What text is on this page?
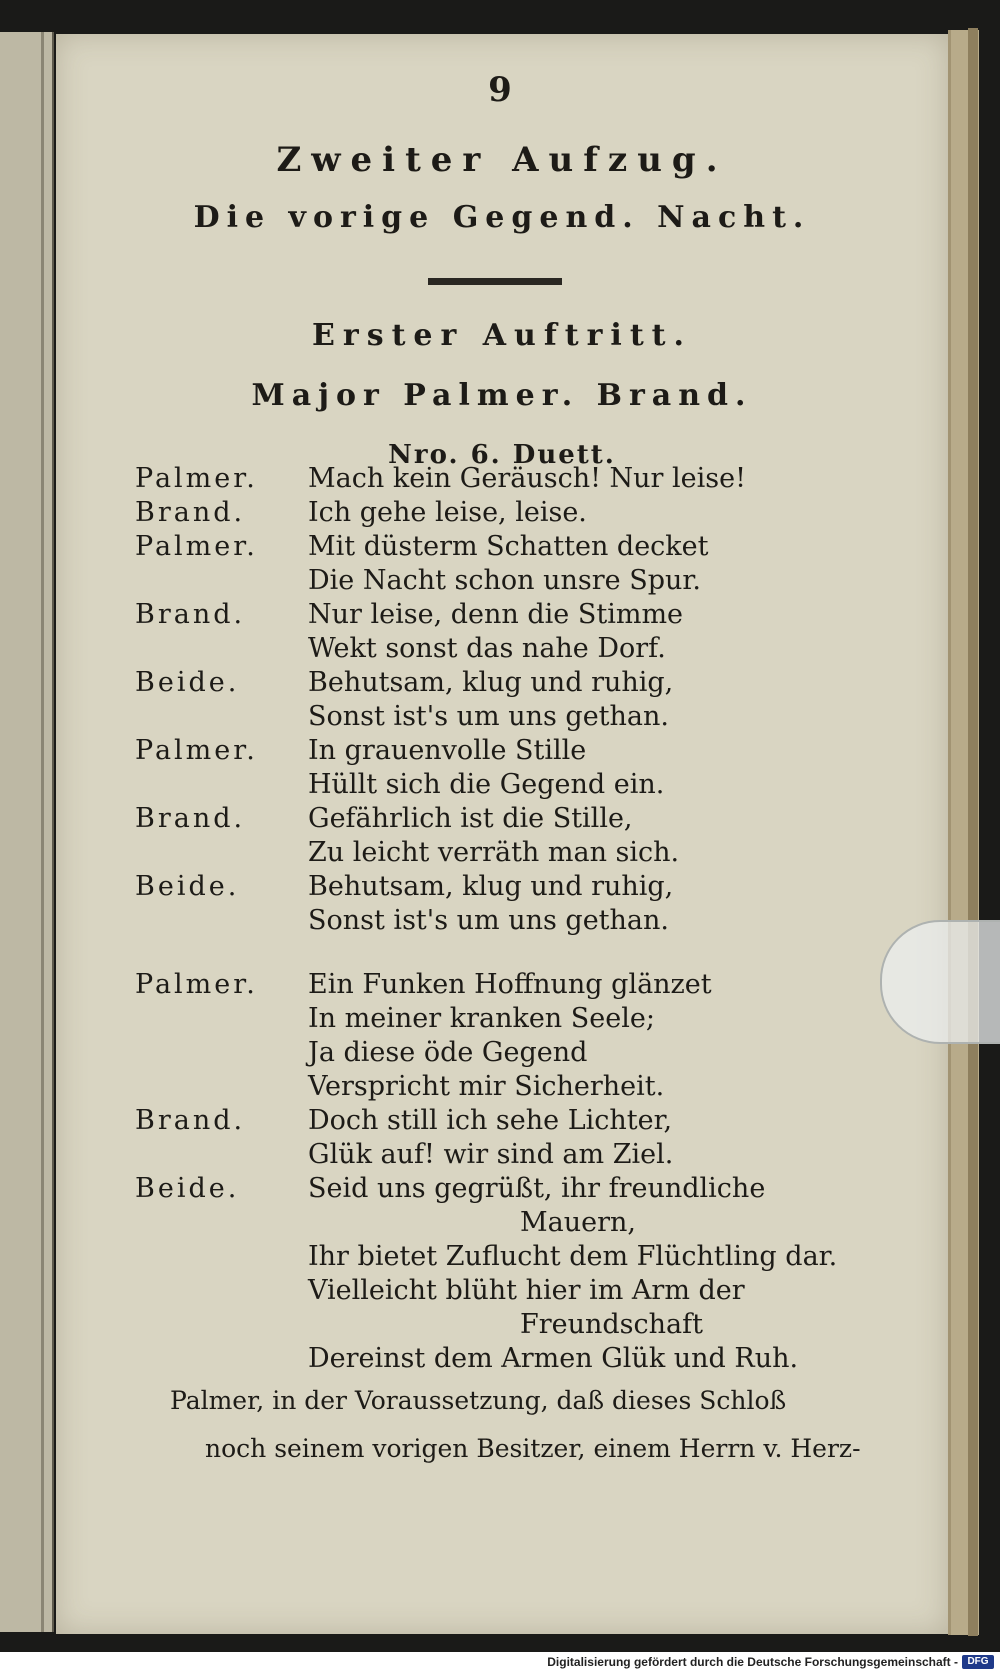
9
Zweiter Aufzug.
Die vorige Gegend. Nacht.
Erster Auftritt.
Major Palmer. Brand.
Nro. 6. Duett.
Palmer. Mach kein Geräusch! Nur leise!
Brand. Ich gehe leise, leise.
Palmer. Mit düsterm Schatten decket
Die Nacht schon unsre Spur.
Brand. Nur leise, denn die Stimme
Wekt sonst das nahe Dorf.
Beide.	Behutsam, klug und ruhig,
Sonst ist's um uns gethan.
Palmer. In grauenvolle Stille
Hüllt sich die Gegend ein.
Brand. Gefährlich ist die Stille,
Zu leicht verräth man sich.
Beide.	Behutsam, klug und ruhig,
Sonst ist's um uns gethan.
Palmer. Ein Funken Hoffnung glänzet
In meiner kranken Seele;
Ja diese öde Gegend
Verspricht mir Sicherheit.
Brand. Doch still ich sehe Lichter,
Glük auf! wir sind am Ziel.
Beide.	Seid uns gegrüßt, ihr freundliche
Mauern,
Ihr bietet Zuflucht dem Flüchtling dar.
Vielleicht blüht hier im Arm der
Freundschaft
Dereinst dem Armen Glük und Ruh.
Palmer, in der Voraussetzung, daß dieses Schloß
noch seinem vorigen Besitzer, einem Herrn v. Herz-
Digitalisierung gefördert durch die Deutsche Forschungsgemeinschaft - DFG
